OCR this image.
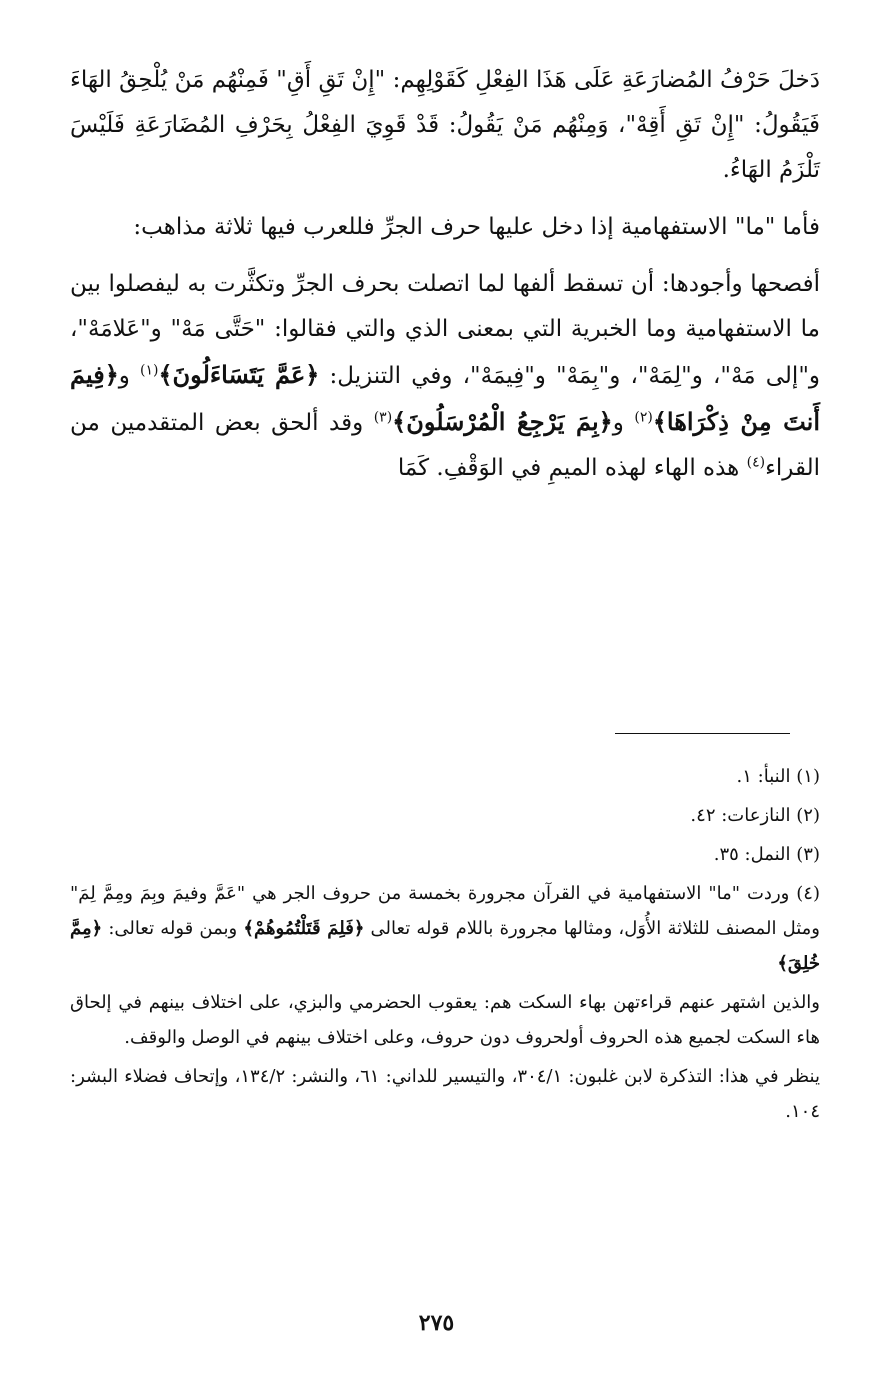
دَخلَ حَرْفُ المُضارَعَةِ عَلَى هَذَا الفِعْلِ كَقَوْلِهِم: "إِنْ تَقِ أَقِ" فَمِنْهُم مَنْ يُلْحِقُ الهَاءَ فَيَقُولُ: "إِنْ تَقِ أَقِهْ"، وَمِنْهُم مَنْ يَقُولُ: قَدْ قَوِيَ الفِعْلُ بِحَرْفِ المُضَارَعَةِ فَلَيْسَ تَلْزَمُ الهَاءُ.

فأما "ما" الاستفهامية إذا دخل عليها حرف الجرِّ فللعرب فيها ثلاثة مذاهب:

أفصحها وأجودها: أن تسقط ألفها لما اتصلت بحرف الجرِّ وتكثَّرت به ليفصلوا بين ما الاستفهامية وما الخبرية التي بمعنى الذي والتي فقالوا: "حَتَّى مَهْ" و"عَلامَهْ"، و"إلى مَهْ"، و"لِمَهْ"، و"بِمَهْ" و"فِيمَهْ"، وفي التنزيل: ﴿عَمَّ يَتَسَاءَلُونَ﴾$^{(١)}$ و﴿فِيمَ أَنتَ مِنْ ذِكْرَاهَا﴾$^{(٢)}$ و﴿بِمَ يَرْجِعُ الْمُرْسَلُونَ﴾$^{(٣)}$ وقد ألحق بعض المتقدمين من القراء$^{(٤)}$ هذه الهاء لهذه الميمِ في الوَقْفِ. كَمَا

(١) النبأ: ١.

(٢) النازعات: ٤٢.

(٣) النمل: ٣٥.

(٤) وردت "ما" الاستفهامية في القرآن مجرورة بخمسة من حروف الجر هي "عَمَّ وفيمَ وبِمَ ومِمَّ لِمَ" ومثل المصنف للثلاثة الأُوَل، ومثالها مجرورة باللام قوله تعالى ﴿فَلِمَ قَتَلْتُمُوهُمْ﴾ وبمن قوله تعالى: ﴿مِمَّ خُلِقَ﴾

والذين اشتهر عنهم قراءتهن بهاء السكت هم: يعقوب الحضرمي والبزي، على اختلاف بينهم في إلحاق هاء السكت لجميع هذه الحروف أولحروف دون حروف، وعلى اختلاف بينهم في الوصل والوقف.

ينظر في هذا: التذكرة لابن غلبون: ٣٠٤/١، والتيسير للداني: ٦١، والنشر: ١٣٤/٢، وإتحاف فضلاء البشر: ١٠٤.

٢٧٥
